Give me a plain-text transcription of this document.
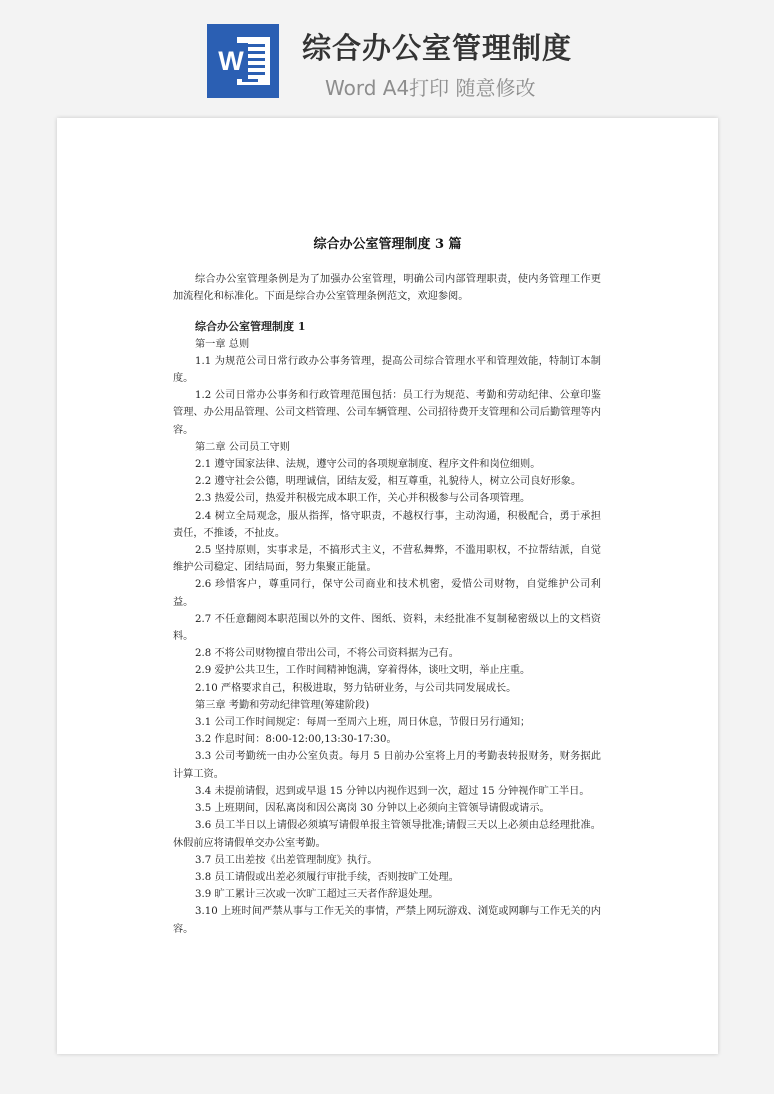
W 综合办公室管理制度
Word A4打印 随意修改
综合办公室管理制度 3 篇

综合办公室管理条例是为了加强办公室管理，明确公司内部管理职责，使内务管理工作更加流程化和标准化。下面是综合办公室管理条例范文，欢迎参阅。

综合办公室管理制度 1

第一章 总则

1.1 为规范公司日常行政办公事务管理，提高公司综合管理水平和管理效能，特制订本制度。

1.2 公司日常办公事务和行政管理范围包括：员工行为规范、考勤和劳动纪律、公章印鉴管理、办公用品管理、公司文档管理、公司车辆管理、公司招待费开支管理和公司后勤管理等内容。

第二章 公司员工守则

2.1 遵守国家法律、法规，遵守公司的各项规章制度、程序文件和岗位细则。

2.2 遵守社会公德，明理诚信，团结友爱，相互尊重，礼貌待人，树立公司良好形象。

2.3 热爱公司，热爱并积极完成本职工作，关心并积极参与公司各项管理。

2.4 树立全局观念，服从指挥，恪守职责，不越权行事，主动沟通，积极配合，勇于承担责任，不推诿，不扯皮。

2.5 坚持原则，实事求是，不搞形式主义，不营私舞弊，不滥用职权，不拉帮结派，自觉维护公司稳定、团结局面，努力集聚正能量。

2.6 珍惜客户，尊重同行，保守公司商业和技术机密，爱惜公司财物，自觉维护公司利益。

2.7 不任意翻阅本职范围以外的文件、图纸、资料，未经批准不复制秘密级以上的文档资料。

2.8 不将公司财物擅自带出公司，不将公司资料据为己有。

2.9 爱护公共卫生，工作时间精神饱满，穿着得体，谈吐文明，举止庄重。

2.10 严格要求自己，积极进取，努力钻研业务，与公司共同发展成长。

第三章 考勤和劳动纪律管理(筹建阶段)

3.1 公司工作时间规定：每周一至周六上班，周日休息，节假日另行通知；

3.2 作息时间：8:00-12:00,13:30-17:30。

3.3 公司考勤统一由办公室负责。每月 5 日前办公室将上月的考勤表转报财务，财务据此计算工资。

3.4 未提前请假，迟到或早退 15 分钟以内视作迟到一次，超过 15 分钟视作旷工半日。

3.5 上班期间，因私离岗和因公离岗 30 分钟以上必须向主管领导请假或请示。

3.6 员工半日以上请假必须填写请假单报主管领导批准;请假三天以上必须由总经理批准。休假前应将请假单交办公室考勤。

3.7 员工出差按《出差管理制度》执行。

3.8 员工请假或出差必须履行审批手续，否则按旷工处理。

3.9 旷工累计三次或一次旷工超过三天者作辞退处理。

3.10 上班时间严禁从事与工作无关的事情，严禁上网玩游戏、浏览或网聊与工作无关的内容。
